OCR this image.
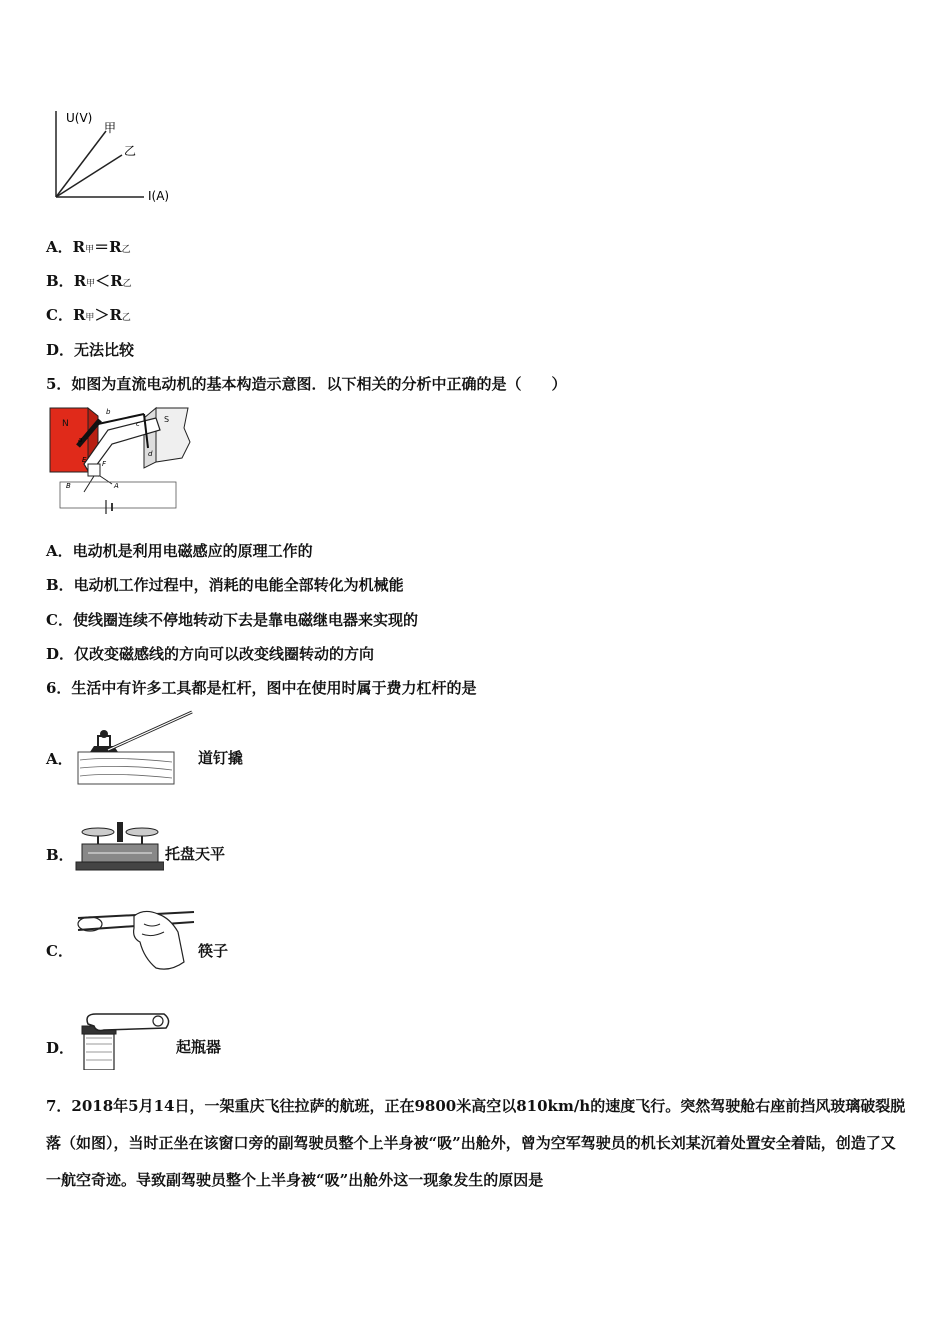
U(V)
甲
乙
I(A)
A．R甲＝R乙
B．R甲＜R乙
C．R甲＞R乙
D．无法比较
5．如图为直流电动机的基本构造示意图．以下相关的分析中正确的是（　　）
N	S
a
b
c
d
E F
A
B
A．电动机是利用电磁感应的原理工作的
B．电动机工作过程中，消耗的电能全部转化为机械能
C．使线圈连续不停地转动下去是靠电磁继电器来实现的
D．仅改变磁感线的方向可以改变线圈转动的方向
6．生活中有许多工具都是杠杆，图中在使用时属于费力杠杆的是
A．	道钉撬
B．	托盘天平
C．	筷子
D．	起瓶器
7．2018年5月14日，一架重庆飞往拉萨的航班，正在9800米高空以810km/h的速度飞行。突然驾驶舱右座前挡风玻璃破裂脱落（如图），当时正坐在该窗口旁的副驾驶员整个上半身被“吸”出舱外，曾为空军驾驶员的机长刘某沉着处置安全着陆，创造了又一航空奇迹。导致副驾驶员整个上半身被“吸”出舱外这一现象发生的原因是
